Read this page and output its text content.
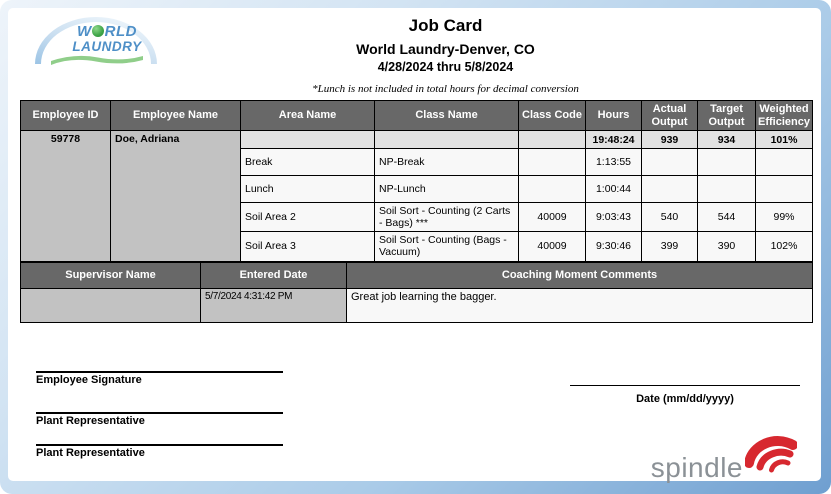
W RLD
LAUNDRY
Job Card
World Laundry-Denver, CO
4/28/2024 thru 5/8/2024
*Lunch is not included in total hours for decimal conversion
Employee ID	Employee Name	Area Name	Class Name	Class Code	Hours	Actual Output	Target Output	Weighted Efficiency
59778	Doe, Adriana				19:48:24	939	934	101%
		Break	NP-Break		1:13:55			
		Lunch	NP-Lunch		1:00:44			
		Soil Area 2	Soil Sort - Counting (2 Carts - Bags) ***	40009	9:03:43	540	544	99%
		Soil Area 3	Soil Sort - Counting (Bags - Vacuum)	40009	9:30:46	399	390	102%
Supervisor Name	Entered Date	Coaching Moment Comments
	5/7/2024 4:31:42 PM	Great job learning the bagger.
Employee Signature
Plant Representative
Plant Representative
Date (mm/dd/yyyy)
spindle
